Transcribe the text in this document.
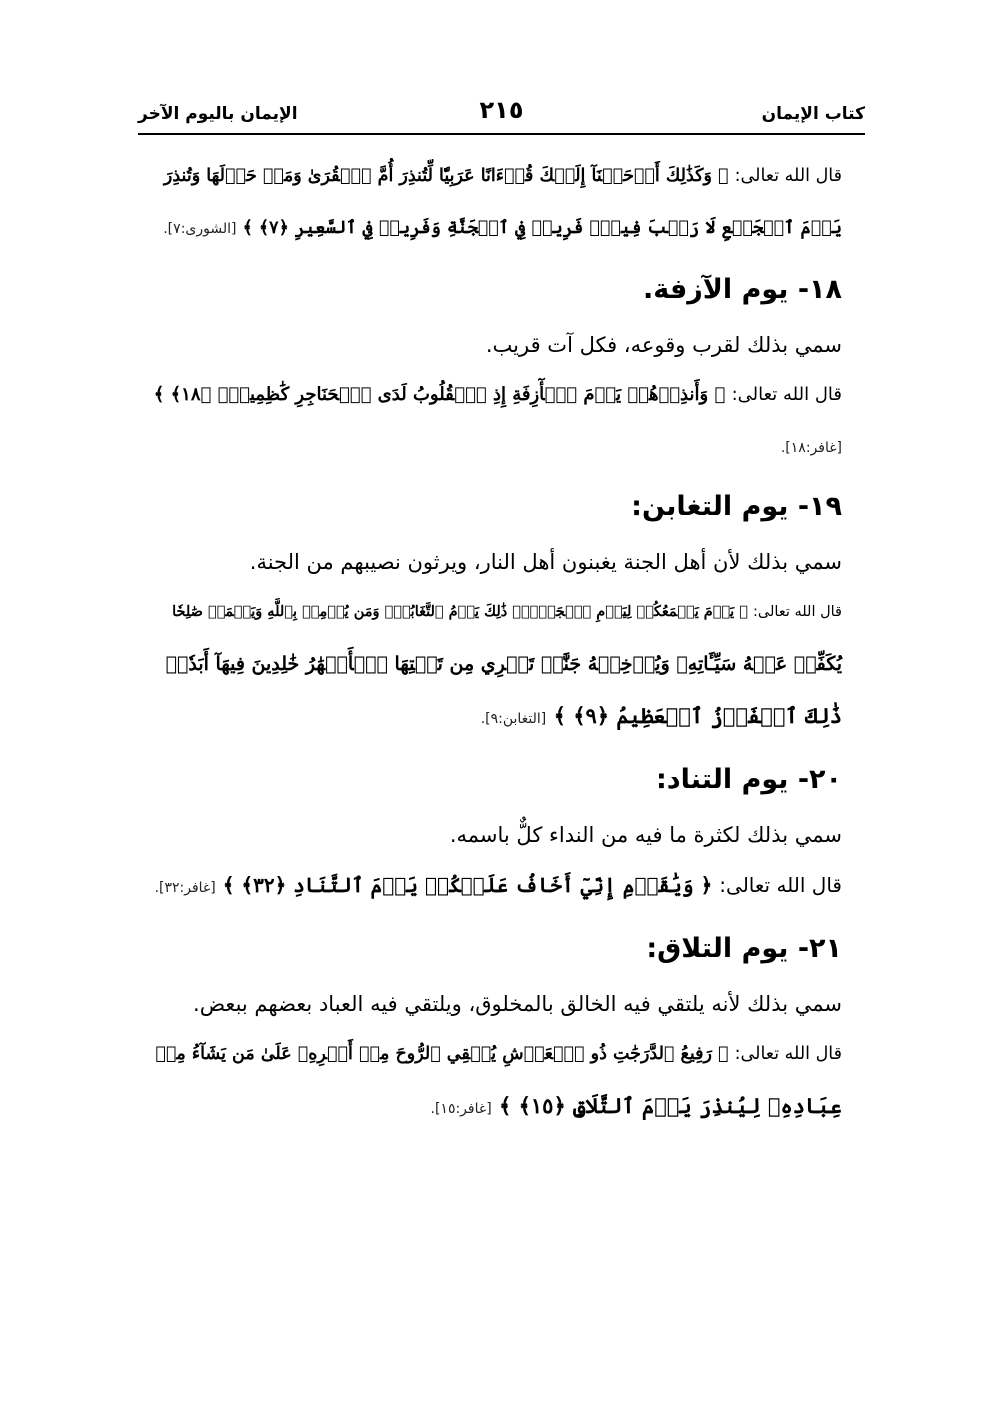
كتاب الإيمان
٢١٥
الإيمان باليوم الآخر
قال الله تعالى: ﴿ وَكَذَٰلِكَ أَوۡحَيۡنَآ إِلَيۡكَ قُرۡءَانًا عَرَبِيّٗا لِّتُنذِرَ أُمَّ ٱلۡقُرَىٰ وَمَنۡ حَوۡلَهَا وَتُنذِرَ
يَوۡمَ ٱلۡجَمۡعِ لَا رَيۡبَ فِيهِۚ فَرِيقٞ فِي ٱلۡجَنَّةِ وَفَرِيقٞ فِي ٱلسَّعِيرِ ﴿٧﴾ ﴾ [الشورى:٧].
١٨- يوم الآزفة.
سمي بذلك لقرب وقوعه، فكل آت قريب.
قال الله تعالى: ﴿ وَأَنذِرۡهُمۡ يَوۡمَ ٱلۡأٓزِفَةِ إِذِ ٱلۡقُلُوبُ لَدَى ٱلۡحَنَاجِرِ كَٰظِمِينَۚ ﴿١٨﴾ ﴾
[غافر:١٨].
١٩- يوم التغابن:
سمي بذلك لأن أهل الجنة يغبنون أهل النار، ويرثون نصيبهم من الجنة.
قال الله تعالى: ﴿ يَوۡمَ يَجۡمَعُكُمۡ لِيَوۡمِ ٱلۡجَمۡعِۖ ذَٰلِكَ يَوۡمُ ٱلتَّغَابُنِۗ وَمَن يُؤۡمِنۢ بِٱللَّهِ وَيَعۡمَلۡ صَٰلِحٗا
يُكَفِّرۡ عَنۡهُ سَيِّـَٔاتِهِۦ وَيُدۡخِلۡهُ جَنَّٰتٖ تَجۡرِي مِن تَحۡتِهَا ٱلۡأَنۡهَٰرُ خَٰلِدِينَ فِيهَآ أَبَدٗاۚ
ذَٰلِكَ ٱلۡفَوۡزُ ٱلۡعَظِيمُ ﴿٩﴾ ﴾ [التغابن:٩].
٢٠- يوم التناد:
سمي بذلك لكثرة ما فيه من النداء كلٌّ باسمه.
قال الله تعالى: ﴿ وَيَٰقَوۡمِ إِنِّيٓ أَخَافُ عَلَيۡكُمۡ يَوۡمَ ٱلتَّنَادِ ﴿٣٢﴾ ﴾ [غافر:٣٢].
٢١- يوم التلاق:
سمي بذلك لأنه يلتقي فيه الخالق بالمخلوق، ويلتقي فيه العباد بعضهم ببعض.
قال الله تعالى: ﴿ رَفِيعُ ٱلدَّرَجَٰتِ ذُو ٱلۡعَرۡشِ يُلۡقِي ٱلرُّوحَ مِنۡ أَمۡرِهِۦ عَلَىٰ مَن يَشَآءُ مِنۡ
عِبَادِهِۦ لِيُنذِرَ يَوۡمَ ٱلتَّلَاقِ ﴿١٥﴾ ﴾ [غافر:١٥].
